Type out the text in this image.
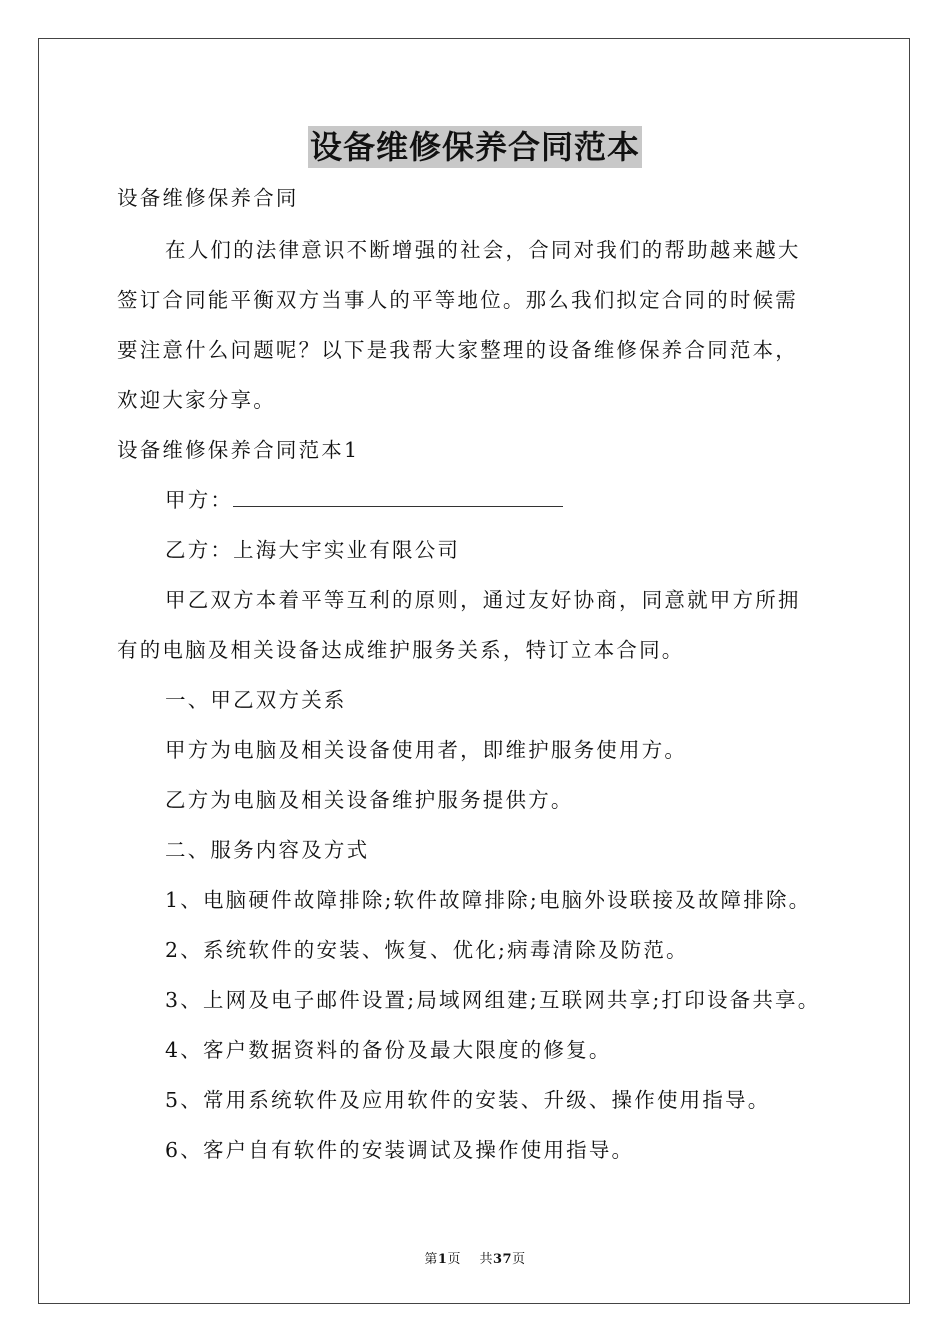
设备维修保养合同范本
设备维修保养合同
在人们的法律意识不断增强的社会，合同对我们的帮助越来越大
签订合同能平衡双方当事人的平等地位。那么我们拟定合同的时候需
要注意什么问题呢？以下是我帮大家整理的设备维修保养合同范本，
欢迎大家分享。
设备维修保养合同范本1
甲方：
乙方：上海大宇实业有限公司
甲乙双方本着平等互利的原则，通过友好协商，同意就甲方所拥
有的电脑及相关设备达成维护服务关系，特订立本合同。
一、甲乙双方关系
甲方为电脑及相关设备使用者，即维护服务使用方。
乙方为电脑及相关设备维护服务提供方。
二、服务内容及方式
1、电脑硬件故障排除;软件故障排除;电脑外设联接及故障排除。
2、系统软件的安装、恢复、优化;病毒清除及防范。
3、上网及电子邮件设置;局域网组建;互联网共享;打印设备共享。
4、客户数据资料的备份及最大限度的修复。
5、常用系统软件及应用软件的安装、升级、操作使用指导。
6、客户自有软件的安装调试及操作使用指导。
第1页 共37页
